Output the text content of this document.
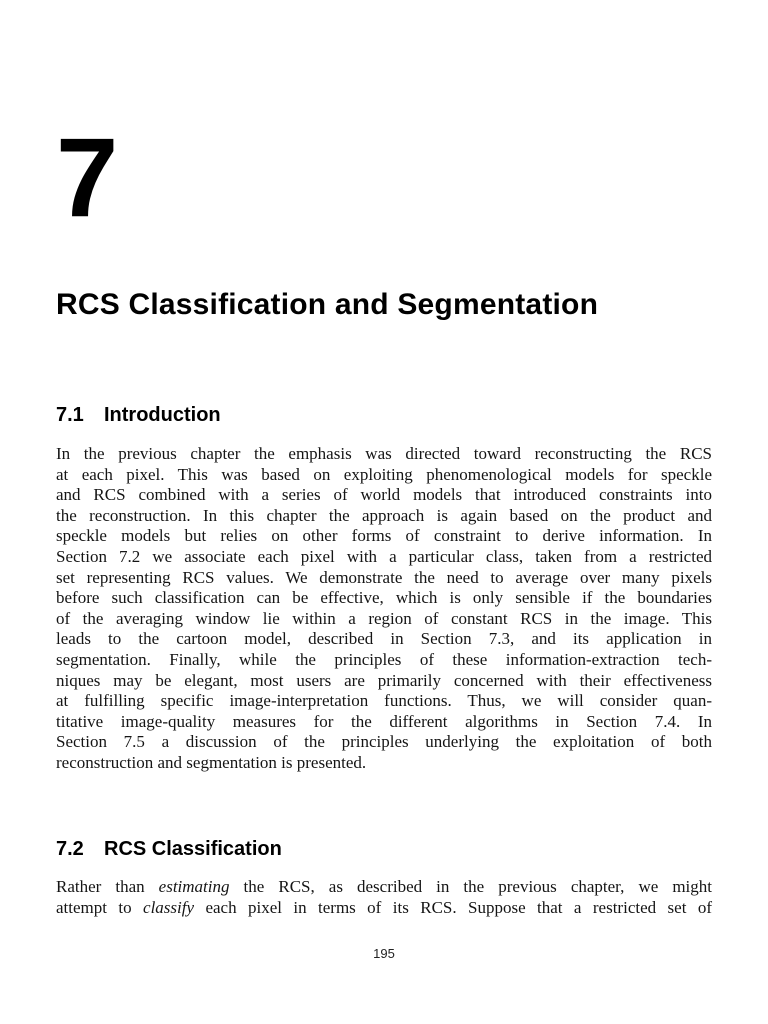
7
RCS Classification and Segmentation
7.1 Introduction
In the previous chapter the emphasis was directed toward reconstructing the RCS
at each pixel. This was based on exploiting phenomenological models for speckle
and RCS combined with a series of world models that introduced constraints into
the reconstruction. In this chapter the approach is again based on the product and
speckle models but relies on other forms of constraint to derive information. In
Section 7.2 we associate each pixel with a particular class, taken from a restricted
set representing RCS values. We demonstrate the need to average over many pixels
before such classification can be effective, which is only sensible if the boundaries
of the averaging window lie within a region of constant RCS in the image. This
leads to the cartoon model, described in Section 7.3, and its application in
segmentation. Finally, while the principles of these information-extraction tech-
niques may be elegant, most users are primarily concerned with their effectiveness
at fulfilling specific image-interpretation functions. Thus, we will consider quan-
titative image-quality measures for the different algorithms in Section 7.4. In
Section 7.5 a discussion of the principles underlying the exploitation of both
reconstruction and segmentation is presented.
7.2 RCS Classification
Rather than estimating the RCS, as described in the previous chapter, we might
attempt to classify each pixel in terms of its RCS. Suppose that a restricted set of
195
